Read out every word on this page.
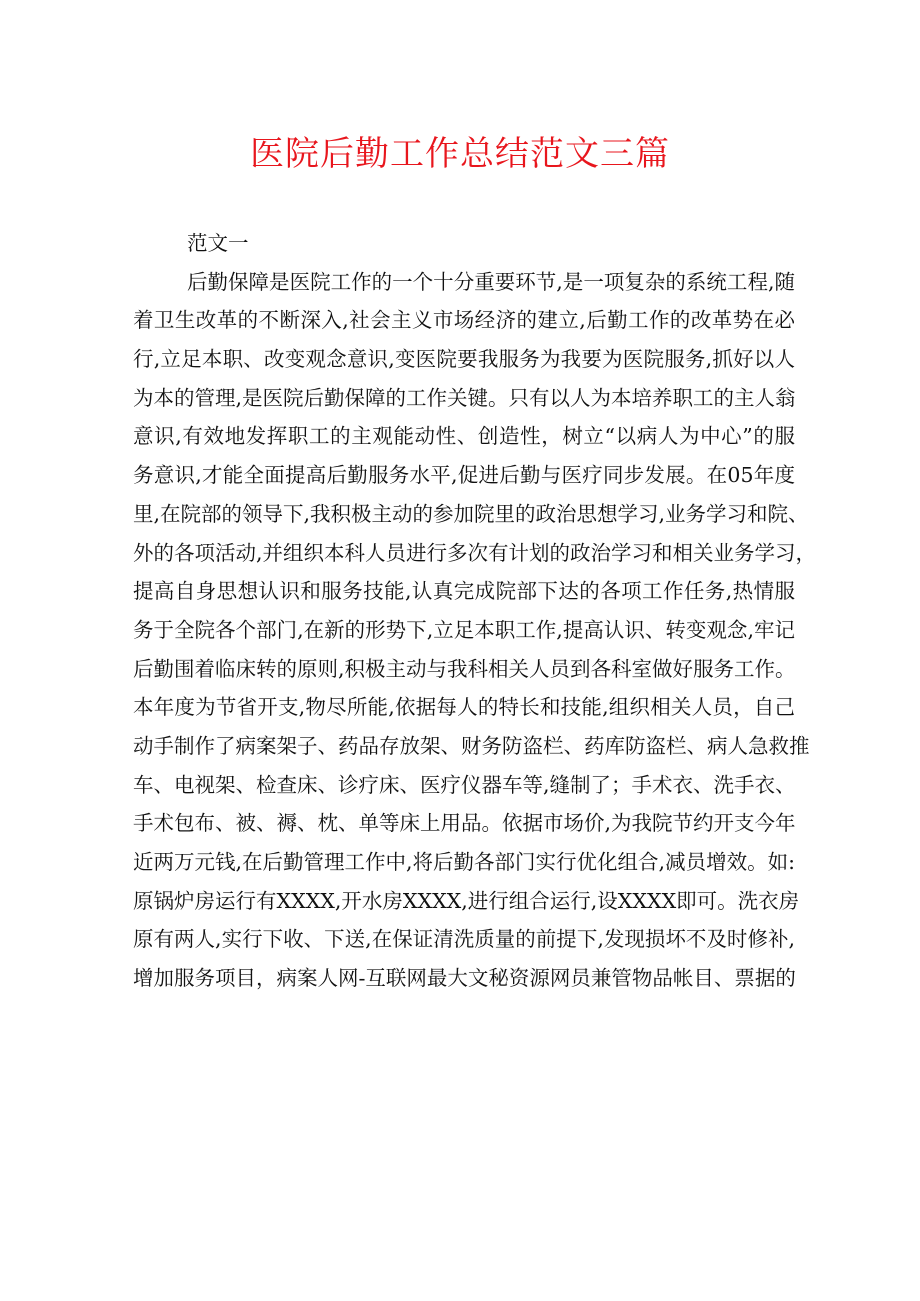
医院后勤工作总结范文三篇
范文一
后勤保障是医院工作的一个十分重要环节,是一项复杂的系统工程,随
着卫生改革的不断深入,社会主义市场经济的建立,后勤工作的改革势在必
行,立足本职、改变观念意识,变医院要我服务为我要为医院服务,抓好以人
为本的管理,是医院后勤保障的工作关键。只有以人为本培养职工的主人翁
意识,有效地发挥职工的主观能动性、创造性，树立“以病人为中心”的服
务意识,才能全面提高后勤服务水平,促进后勤与医疗同步发展。在05年度
里,在院部的领导下,我积极主动的参加院里的政治思想学习,业务学习和院、
外的各项活动,并组织本科人员进行多次有计划的政治学习和相关业务学习，
提高自身思想认识和服务技能,认真完成院部下达的各项工作任务,热情服
务于全院各个部门,在新的形势下,立足本职工作,提高认识、转变观念,牢记
后勤围着临床转的原则,积极主动与我科相关人员到各科室做好服务工作。
本年度为节省开支,物尽所能,依据每人的特长和技能,组织相关人员，自己
动手制作了病案架子、药品存放架、财务防盗栏、药库防盗栏、病人急救推
车、电视架、检查床、诊疗床、医疗仪器车等,缝制了；手术衣、洗手衣、
手术包布、被、褥、枕、单等床上用品。依据市场价,为我院节约开支今年
近两万元钱,在后勤管理工作中,将后勤各部门实行优化组合,减员增效。如:
原锅炉房运行有XXXX,开水房XXXX,进行组合运行,设XXXX即可。洗衣房
原有两人,实行下收、下送,在保证清洗质量的前提下,发现损坏不及时修补,
增加服务项目，病案人网-互联网最大文秘资源网员兼管物品帐目、票据的
